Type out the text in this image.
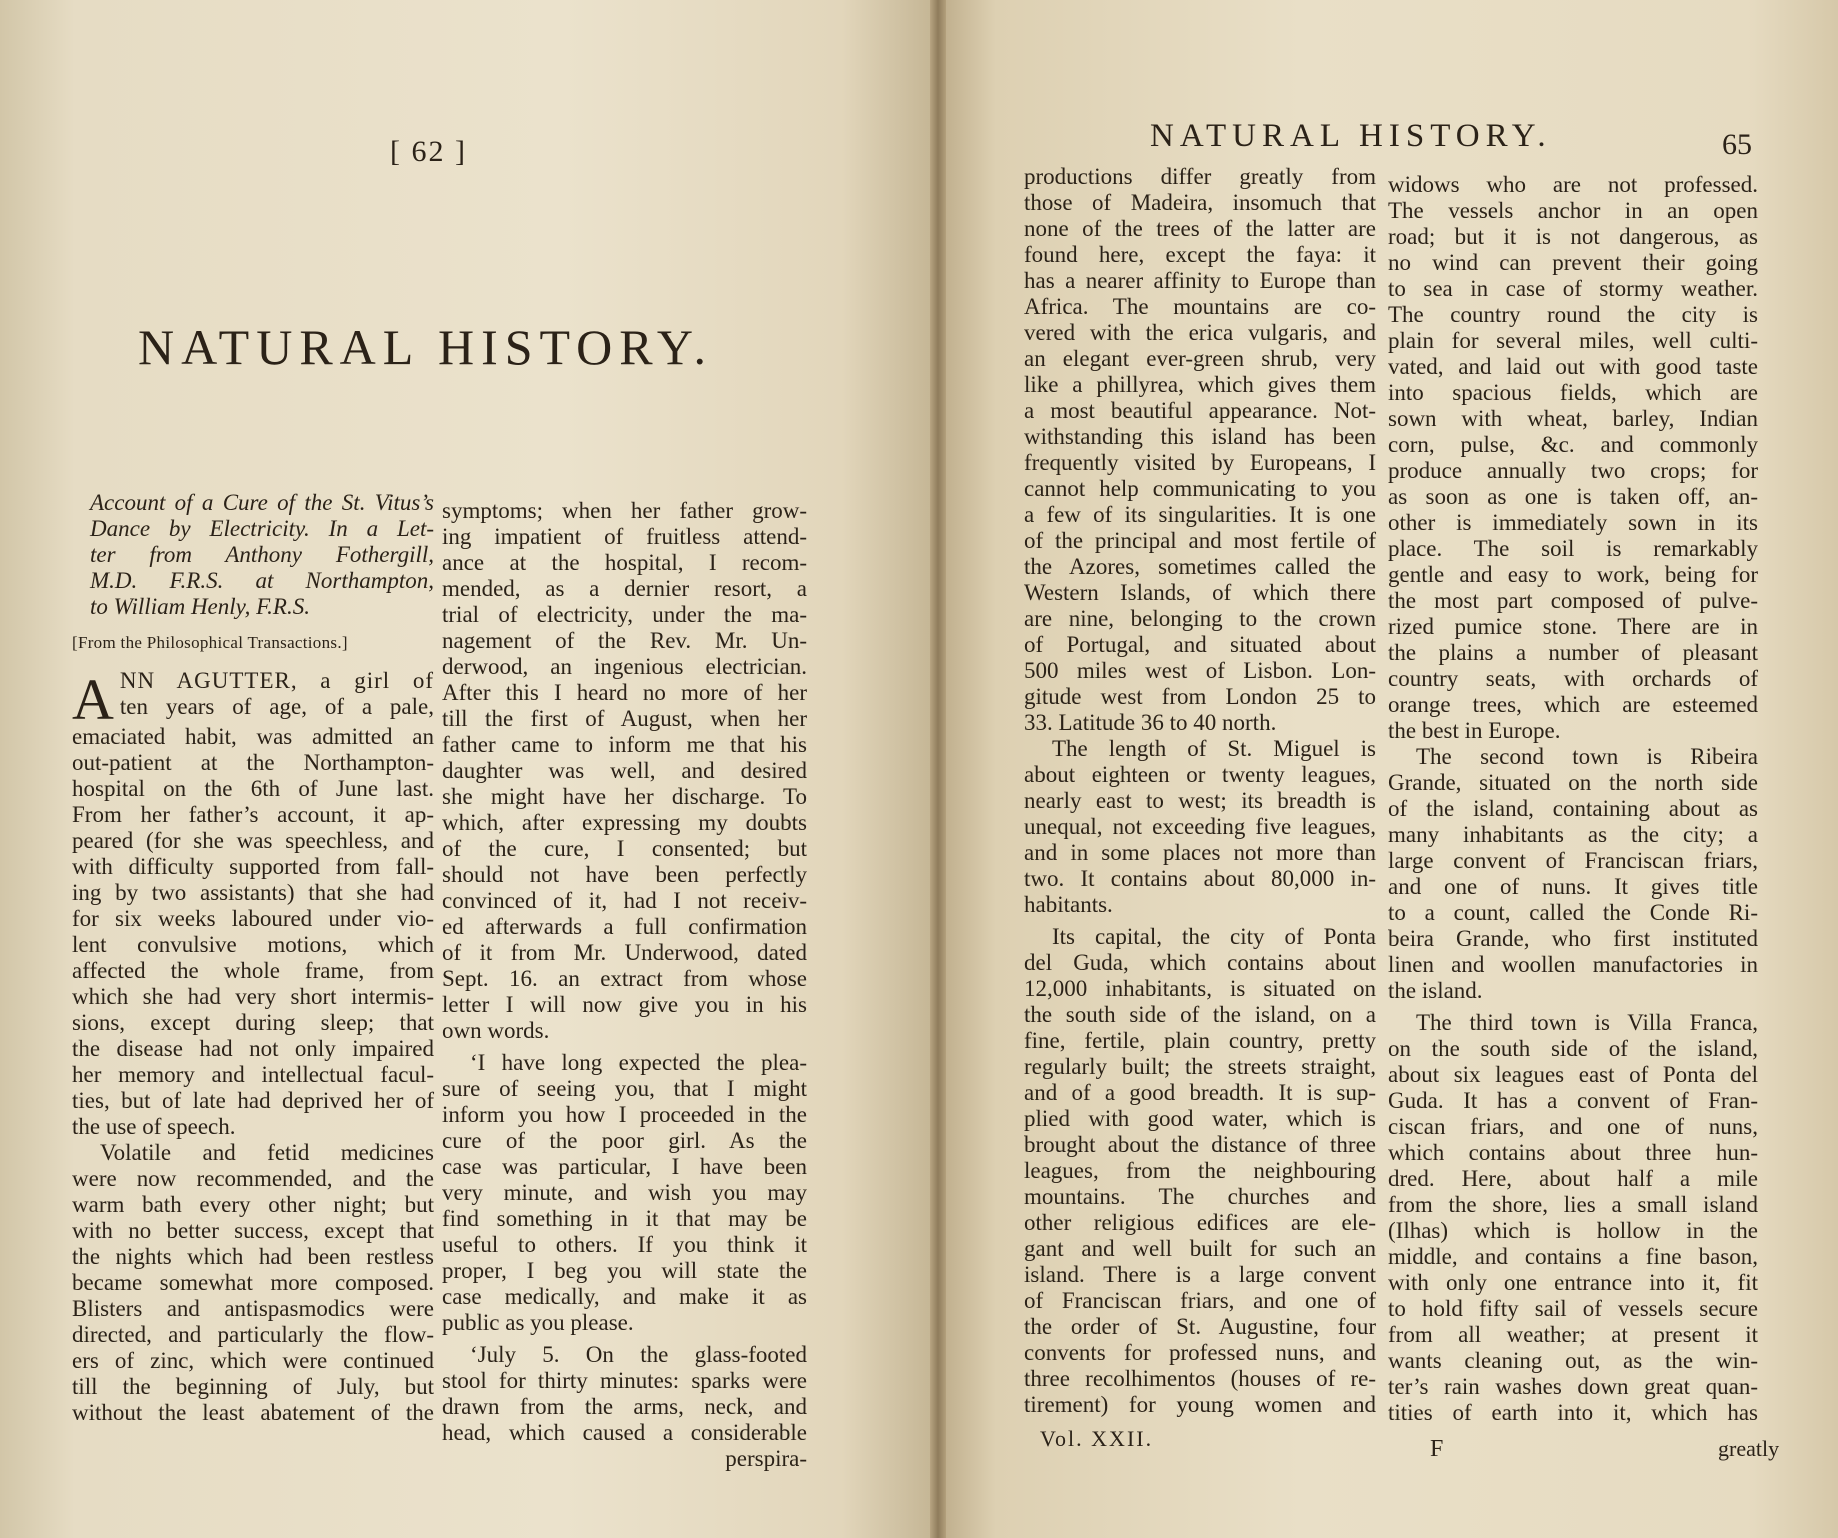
[ 62 ]
NATURAL HISTORY.
Account of a Cure of the St. Vitus’s
Dance by Electricity. In a Let-
ter from Anthony Fothergill,
M.D. F.R.S. at Northampton,
to William Henly, F.R.S.
[From the Philosophical Transactions.]
A NN AGUTTER, a girl of
ten years of age, of a pale,
emaciated habit, was admitted an
out-patient at the Northampton-
hospital on the 6th of June last.
From her father’s account, it ap-
peared (for she was speechless, and
with difficulty supported from fall-
ing by two assistants) that she had
for six weeks laboured under vio-
lent convulsive motions, which
affected the whole frame, from
which she had very short intermis-
sions, except during sleep; that
the disease had not only impaired
her memory and intellectual facul-
ties, but of late had deprived her of
the use of speech.
Volatile and fetid medicines
were now recommended, and the
warm bath every other night; but
with no better success, except that
the nights which had been restless
became somewhat more composed.
Blisters and antispasmodics were
directed, and particularly the flow-
ers of zinc, which were continued
till the beginning of July, but
without the least abatement of the
symptoms; when her father grow-
ing impatient of fruitless attend-
ance at the hospital, I recom-
mended, as a dernier resort, a
trial of electricity, under the ma-
nagement of the Rev. Mr. Un-
derwood, an ingenious electrician.
After this I heard no more of her
till the first of August, when her
father came to inform me that his
daughter was well, and desired
she might have her discharge. To
which, after expressing my doubts
of the cure, I consented; but
should not have been perfectly
convinced of it, had I not receiv-
ed afterwards a full confirmation
of it from Mr. Underwood, dated
Sept. 16. an extract from whose
letter I will now give you in his
own words.
‘I have long expected the plea-
sure of seeing you, that I might
inform you how I proceeded in the
cure of the poor girl. As the
case was particular, I have been
very minute, and wish you may
find something in it that may be
useful to others. If you think it
proper, I beg you will state the
case medically, and make it as
public as you please.
‘July 5. On the glass-footed
stool for thirty minutes: sparks were
drawn from the arms, neck, and
head, which caused a considerable
perspira-
NATURAL HISTORY.	65
productions differ greatly from
those of Madeira, insomuch that
none of the trees of the latter are
found here, except the faya: it
has a nearer affinity to Europe than
Africa. The mountains are co-
vered with the erica vulgaris, and
an elegant ever-green shrub, very
like a phillyrea, which gives them
a most beautiful appearance. Not-
withstanding this island has been
frequently visited by Europeans, I
cannot help communicating to you
a few of its singularities. It is one
of the principal and most fertile of
the Azores, sometimes called the
Western Islands, of which there
are nine, belonging to the crown
of Portugal, and situated about
500 miles west of Lisbon. Lon-
gitude west from London 25 to
33. Latitude 36 to 40 north.
The length of St. Miguel is
about eighteen or twenty leagues,
nearly east to west; its breadth is
unequal, not exceeding five leagues,
and in some places not more than
two. It contains about 80,000 in-
habitants.
Its capital, the city of Ponta
del Guda, which contains about
12,000 inhabitants, is situated on
the south side of the island, on a
fine, fertile, plain country, pretty
regularly built; the streets straight,
and of a good breadth. It is sup-
plied with good water, which is
brought about the distance of three
leagues, from the neighbouring
mountains. The churches and
other religious edifices are ele-
gant and well built for such an
island. There is a large convent
of Franciscan friars, and one of
the order of St. Augustine, four
convents for professed nuns, and
three recolhimentos (houses of re-
tirement) for young women and
widows who are not professed.
The vessels anchor in an open
road; but it is not dangerous, as
no wind can prevent their going
to sea in case of stormy weather.
The country round the city is
plain for several miles, well culti-
vated, and laid out with good taste
into spacious fields, which are
sown with wheat, barley, Indian
corn, pulse, &c. and commonly
produce annually two crops; for
as soon as one is taken off, an-
other is immediately sown in its
place. The soil is remarkably
gentle and easy to work, being for
the most part composed of pulve-
rized pumice stone. There are in
the plains a number of pleasant
country seats, with orchards of
orange trees, which are esteemed
the best in Europe.
The second town is Ribeira
Grande, situated on the north side
of the island, containing about as
many inhabitants as the city; a
large convent of Franciscan friars,
and one of nuns. It gives title
to a count, called the Conde Ri-
beira Grande, who first instituted
linen and woollen manufactories in
the island.
The third town is Villa Franca,
on the south side of the island,
about six leagues east of Ponta del
Guda. It has a convent of Fran-
ciscan friars, and one of nuns,
which contains about three hun-
dred. Here, about half a mile
from the shore, lies a small island
(Ilhas) which is hollow in the
middle, and contains a fine bason,
with only one entrance into it, fit
to hold fifty sail of vessels secure
from all weather; at present it
wants cleaning out, as the win-
ter’s rain washes down great quan-
tities of earth into it, which has
Vol. XXII.	F	greatly
